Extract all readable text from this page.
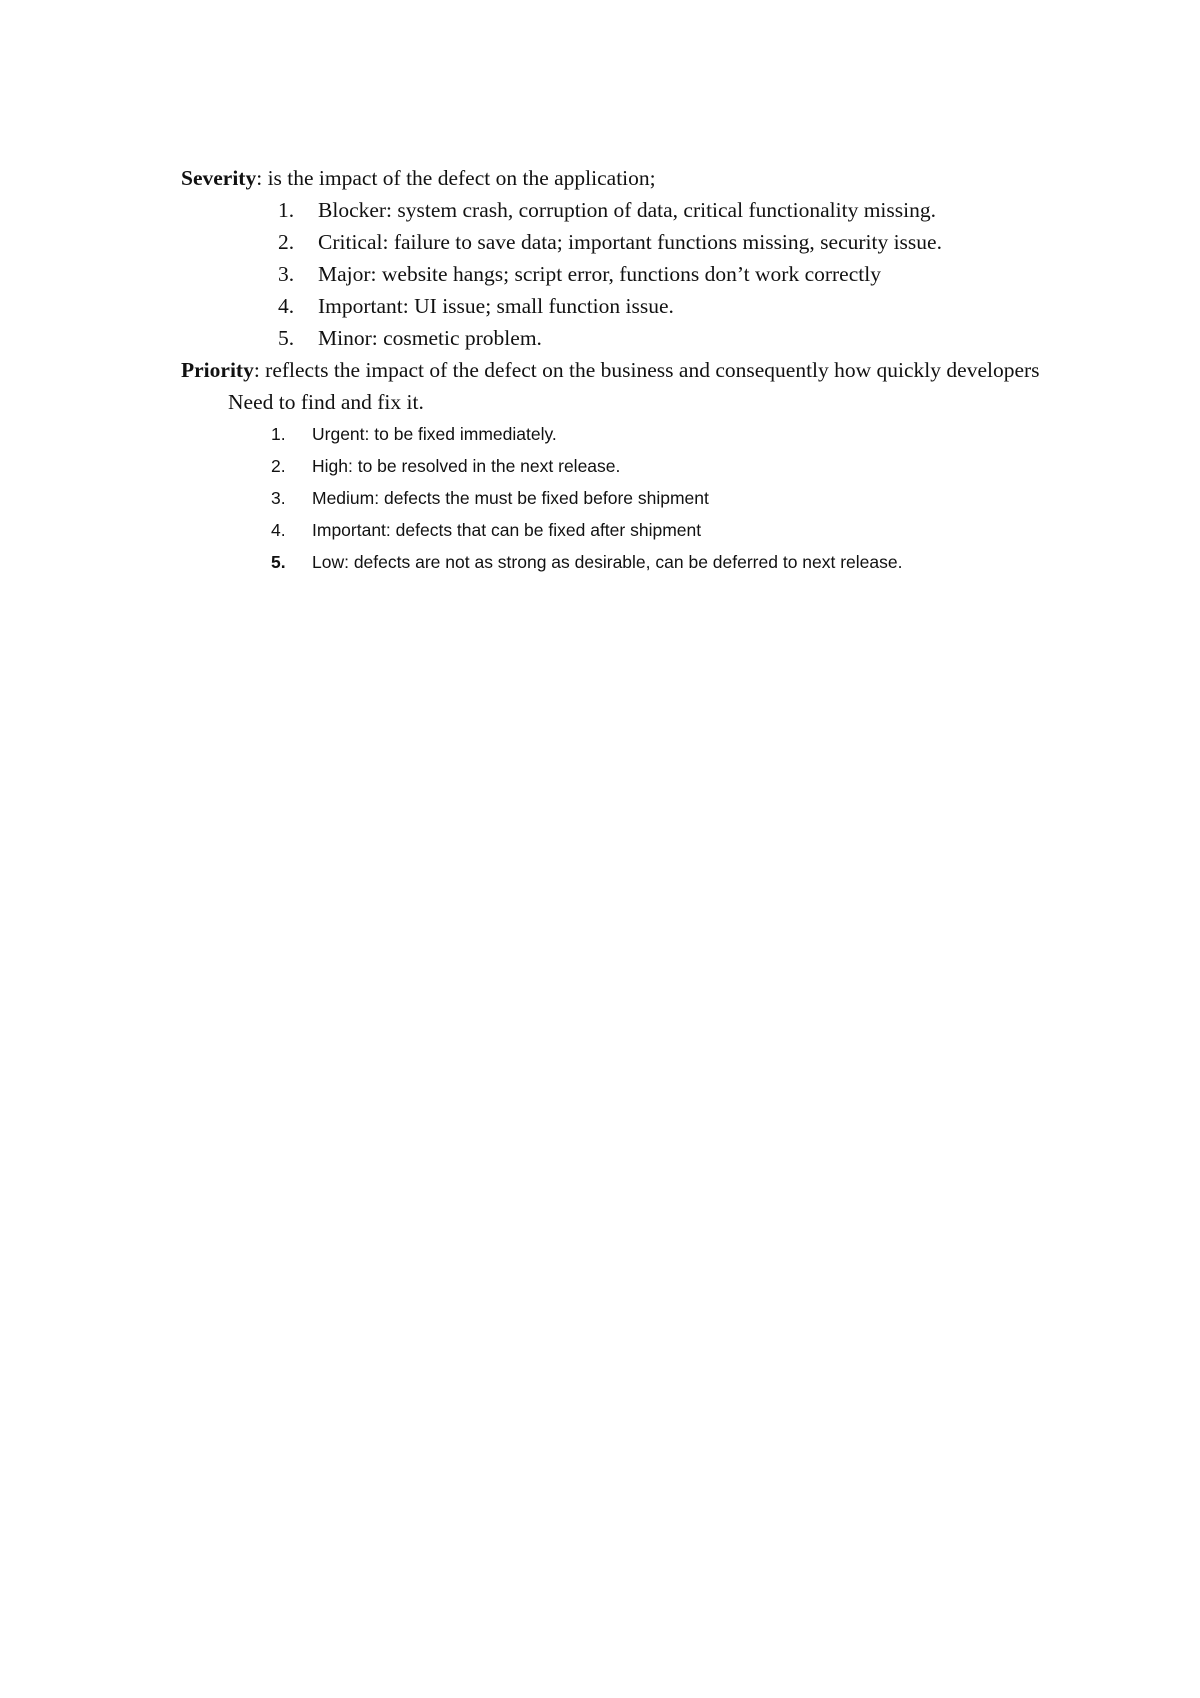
Severity: is the impact of the defect on the application;

1. Blocker: system crash, corruption of data, critical functionality missing.
2. Critical: failure to save data; important functions missing, security issue.
3. Major: website hangs; script error, functions don’t work correctly
4. Important: UI issue; small function issue.
5. Minor: cosmetic problem.

Priority: reflects the impact of the defect on the business and consequently how quickly developers
Need to find and fix it.

1. Urgent: to be fixed immediately.
2. High: to be resolved in the next release.
3. Medium: defects the must be fixed before shipment
4. Important: defects that can be fixed after shipment
5. Low: defects are not as strong as desirable, can be deferred to next release.
